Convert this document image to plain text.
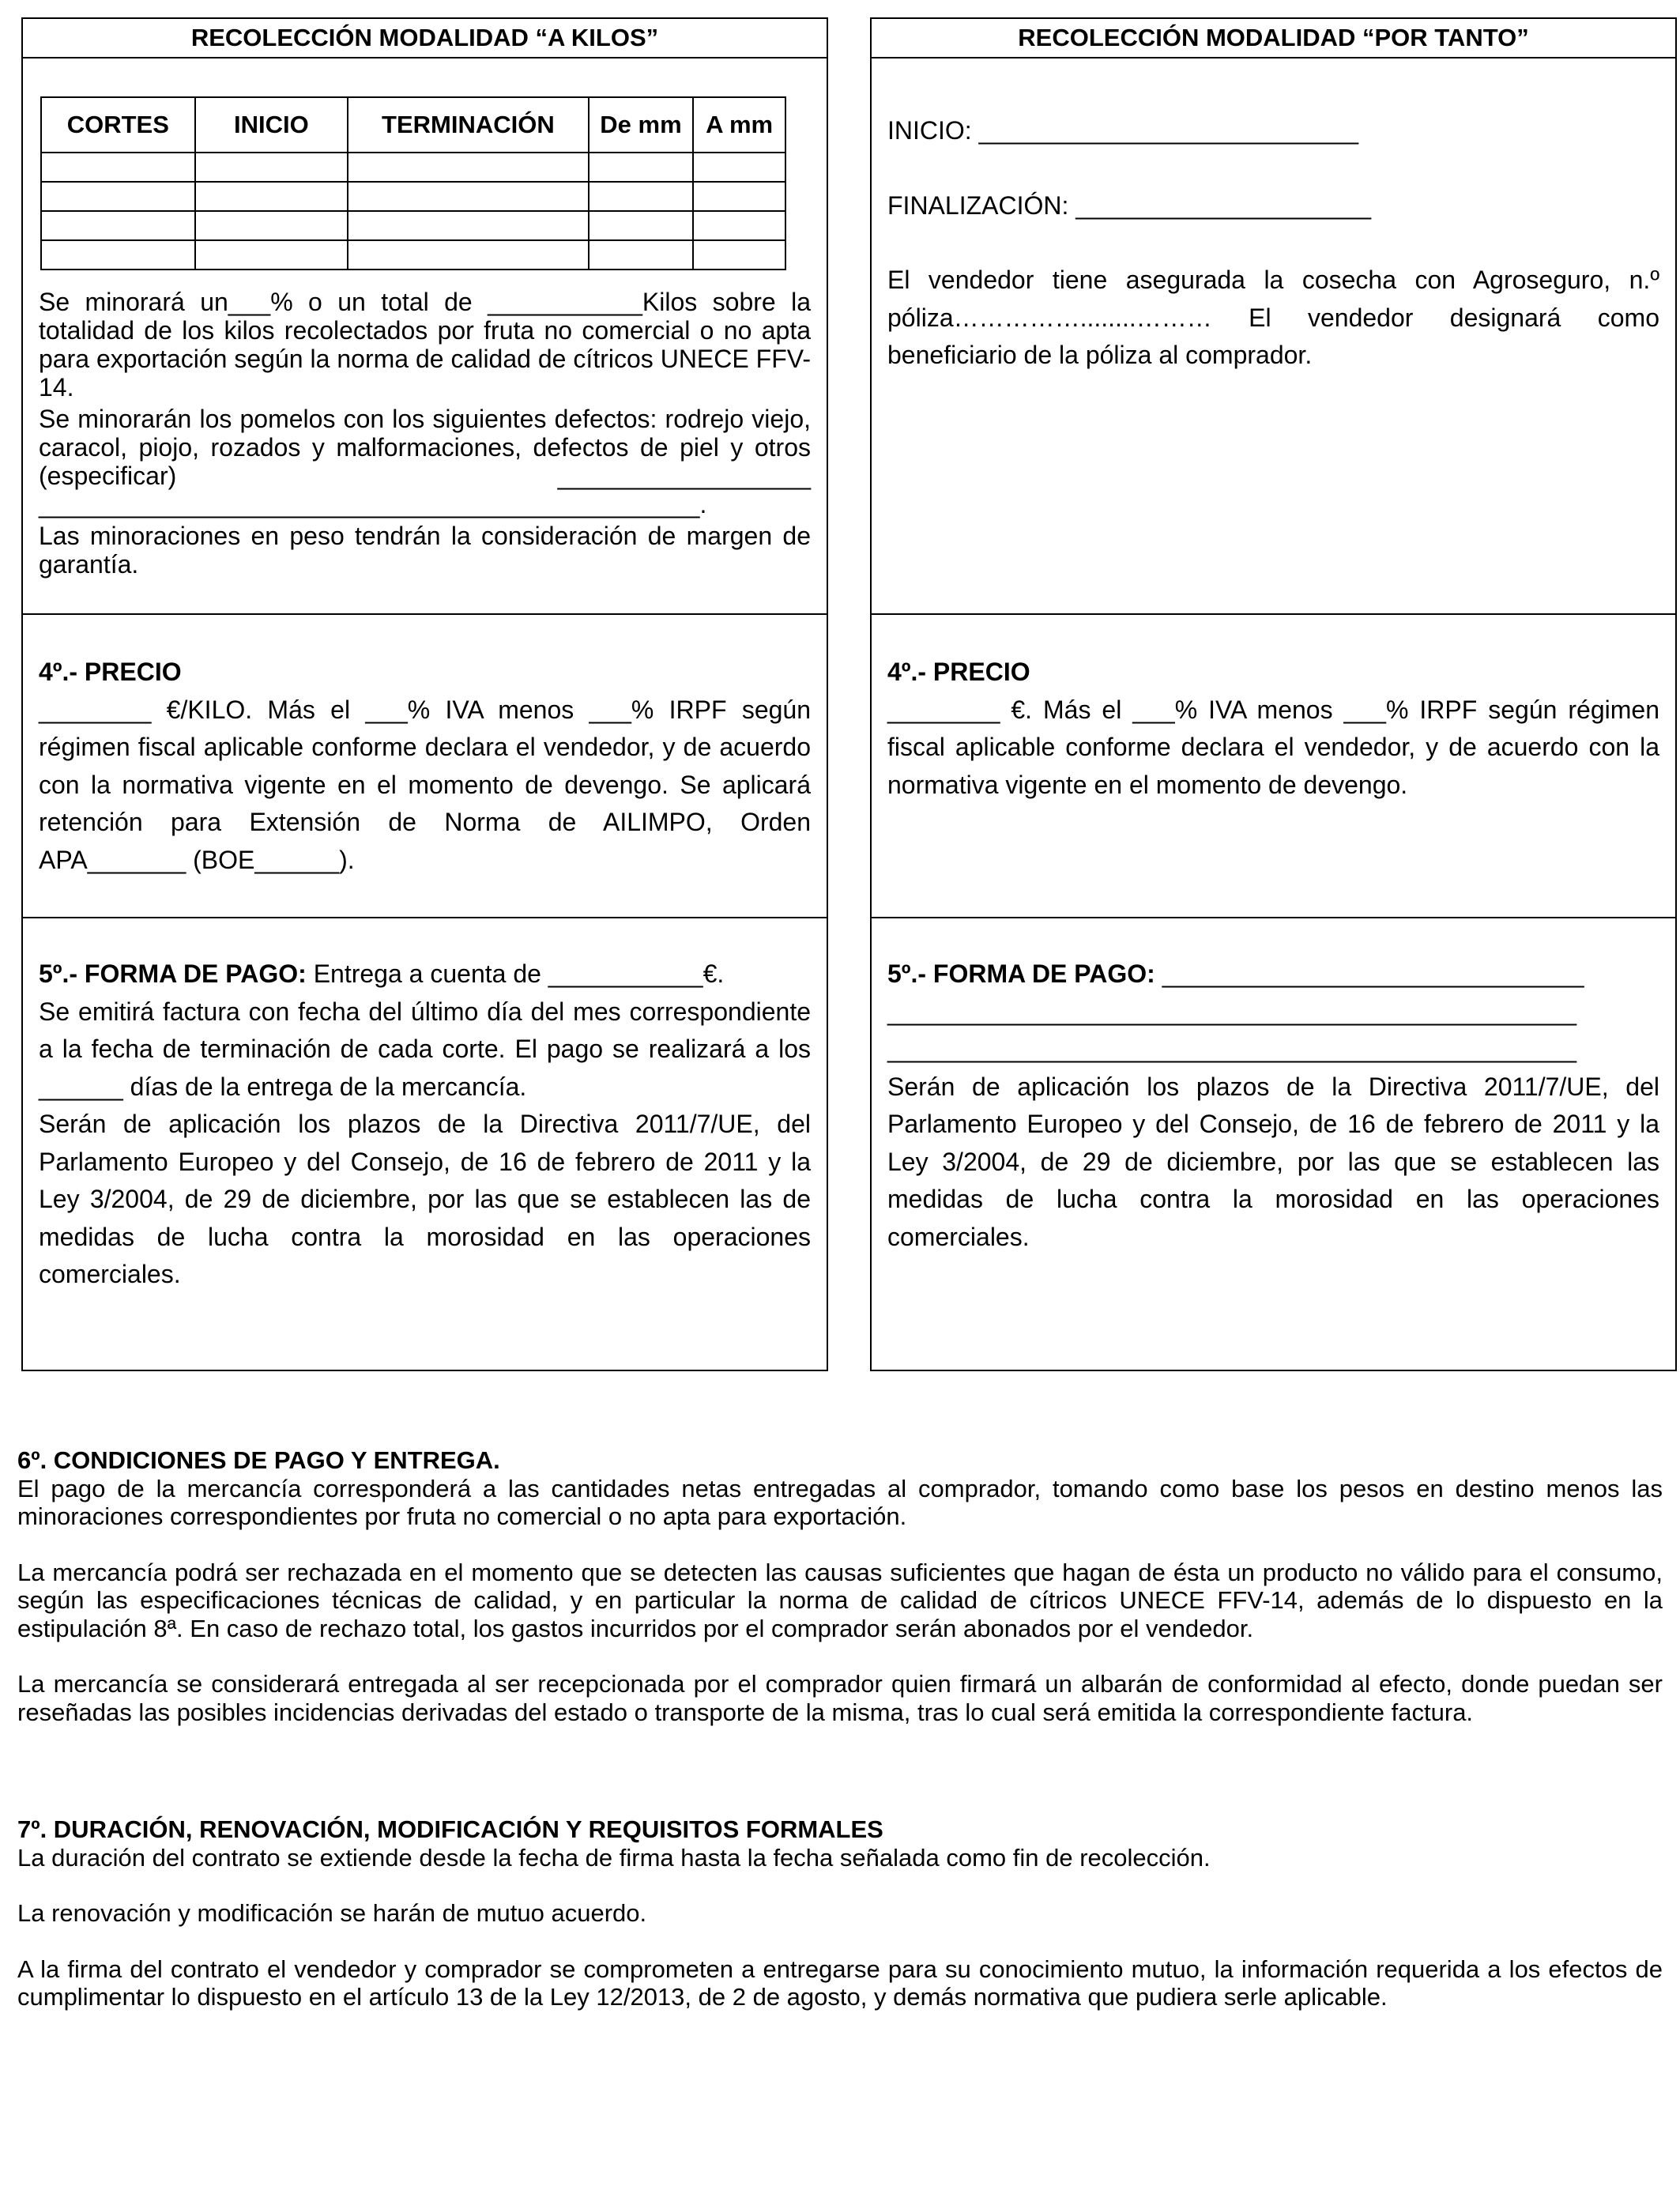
RECOLECCIÓN MODALIDAD “A KILOS”
CORTES	INICIO	TERMINACIÓN	De mm	A mm

Se minorará un___% o un total de ___________Kilos sobre la totalidad de los kilos recolectados por fruta no comercial o no apta para exportación según la norma de calidad de cítricos UNECE FFV-14.

Se minorarán los pomelos con los siguientes defectos: rodrejo viejo, caracol, piojo, rozados y malformaciones, defectos de piel y otros (especificar) __________________ _______________________________________________.

Las minoraciones en peso tendrán la consideración de margen de garantía.

4º.- PRECIO

________ €/KILO. Más el ___% IVA menos ___% IRPF según régimen fiscal aplicable conforme declara el vendedor, y de acuerdo con la normativa vigente en el momento de devengo. Se aplicará retención para Extensión de Norma de AILIMPO, Orden APA_______ (BOE______).

5º.- FORMA DE PAGO: Entrega a cuenta de ___________€.

Se emitirá factura con fecha del último día del mes correspondiente a la fecha de terminación de cada corte. El pago se realizará a los ______ días de la entrega de la mercancía.

Serán de aplicación los plazos de la Directiva 2011/7/UE, del Parlamento Europeo y del Consejo, de 16 de febrero de 2011 y la Ley 3/2004, de 29 de diciembre, por las que se establecen las de medidas de lucha contra la morosidad en las operaciones comerciales.

RECOLECCIÓN MODALIDAD “POR TANTO”

INICIO: ___________________________

FINALIZACIÓN: _____________________

El vendedor tiene asegurada la cosecha con Agroseguro, n.º póliza……………........……… El vendedor designará como beneficiario de la póliza al comprador.

4º.- PRECIO

________ €. Más el ___% IVA menos ___% IRPF según régimen fiscal aplicable conforme declara el vendedor, y de acuerdo con la normativa vigente en el momento de devengo.

5º.- FORMA DE PAGO: ______________________________

_________________________________________________

_________________________________________________

Serán de aplicación los plazos de la Directiva 2011/7/UE, del Parlamento Europeo y del Consejo, de 16 de febrero de 2011 y la Ley 3/2004, de 29 de diciembre, por las que se establecen las medidas de lucha contra la morosidad en las operaciones comerciales.

6º. CONDICIONES DE PAGO Y ENTREGA.

El pago de la mercancía corresponderá a las cantidades netas entregadas al comprador, tomando como base los pesos en destino menos las minoraciones correspondientes por fruta no comercial o no apta para exportación.

La mercancía podrá ser rechazada en el momento que se detecten las causas suficientes que hagan de ésta un producto no válido para el consumo, según las especificaciones técnicas de calidad, y en particular la norma de calidad de cítricos UNECE FFV-14, además de lo dispuesto en la estipulación 8ª. En caso de rechazo total, los gastos incurridos por el comprador serán abonados por el vendedor.

La mercancía se considerará entregada al ser recepcionada por el comprador quien firmará un albarán de conformidad al efecto, donde puedan ser reseñadas las posibles incidencias derivadas del estado o transporte de la misma, tras lo cual será emitida la correspondiente factura.

7º. DURACIÓN, RENOVACIÓN, MODIFICACIÓN Y REQUISITOS FORMALES

La duración del contrato se extiende desde la fecha de firma hasta la fecha señalada como fin de recolección.

La renovación y modificación se harán de mutuo acuerdo.

A la firma del contrato el vendedor y comprador se comprometen a entregarse para su conocimiento mutuo, la información requerida a los efectos de cumplimentar lo dispuesto en el artículo 13 de la Ley 12/2013, de 2 de agosto, y demás normativa que pudiera serle aplicable.
